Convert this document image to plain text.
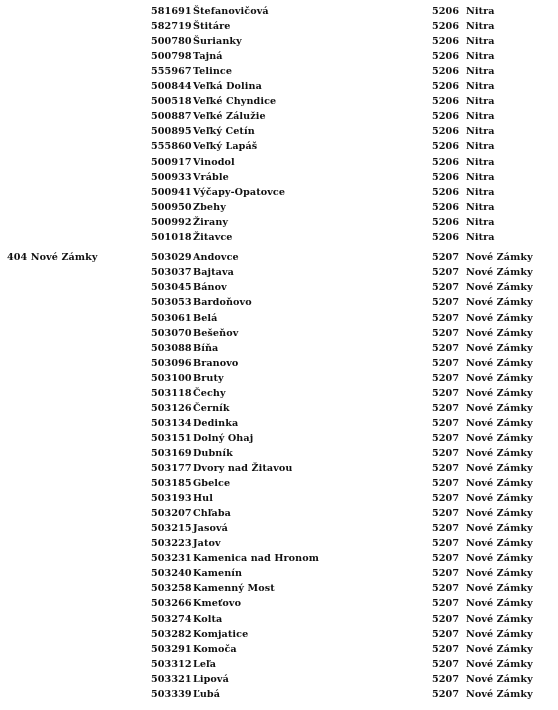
581691 Štefanovičová	5206 Nitra
582719 Štitáre	5206 Nitra
500780 Šurianky	5206 Nitra
500798 Tajná	5206 Nitra
555967 Telince	5206 Nitra
500844 Veľká Dolina	5206 Nitra
500518 Veľké Chyndice	5206 Nitra
500887 Veľké Zálužie	5206 Nitra
500895 Veľký Cetín	5206 Nitra
555860 Veľký Lapáš	5206 Nitra
500917 Vinodol	5206 Nitra
500933 Vráble	5206 Nitra
500941 Výčapy-Opatovce	5206 Nitra
500950 Zbehy	5206 Nitra
500992 Žirany	5206 Nitra
501018 Žitavce	5206 Nitra
404 Nové Zámky	503029 Andovce	5207 Nové Zámky
503037 Bajtava	5207 Nové Zámky
503045 Bánov	5207 Nové Zámky
503053 Bardoňovo	5207 Nové Zámky
503061 Belá	5207 Nové Zámky
503070 Bešeňov	5207 Nové Zámky
503088 Bíňa	5207 Nové Zámky
503096 Branovo	5207 Nové Zámky
503100 Bruty	5207 Nové Zámky
503118 Čechy	5207 Nové Zámky
503126 Černík	5207 Nové Zámky
503134 Dedinka	5207 Nové Zámky
503151 Dolný Ohaj	5207 Nové Zámky
503169 Dubník	5207 Nové Zámky
503177 Dvory nad Žitavou	5207 Nové Zámky
503185 Gbelce	5207 Nové Zámky
503193 Hul	5207 Nové Zámky
503207 Chľaba	5207 Nové Zámky
503215 Jasová	5207 Nové Zámky
503223 Jatov	5207 Nové Zámky
503231 Kamenica nad Hronom	5207 Nové Zámky
503240 Kamenín	5207 Nové Zámky
503258 Kamenný Most	5207 Nové Zámky
503266 Kmeťovo	5207 Nové Zámky
503274 Kolta	5207 Nové Zámky
503282 Komjatice	5207 Nové Zámky
503291 Komoča	5207 Nové Zámky
503312 Leľa	5207 Nové Zámky
503321 Lipová	5207 Nové Zámky
503339 Ľubá	5207 Nové Zámky
